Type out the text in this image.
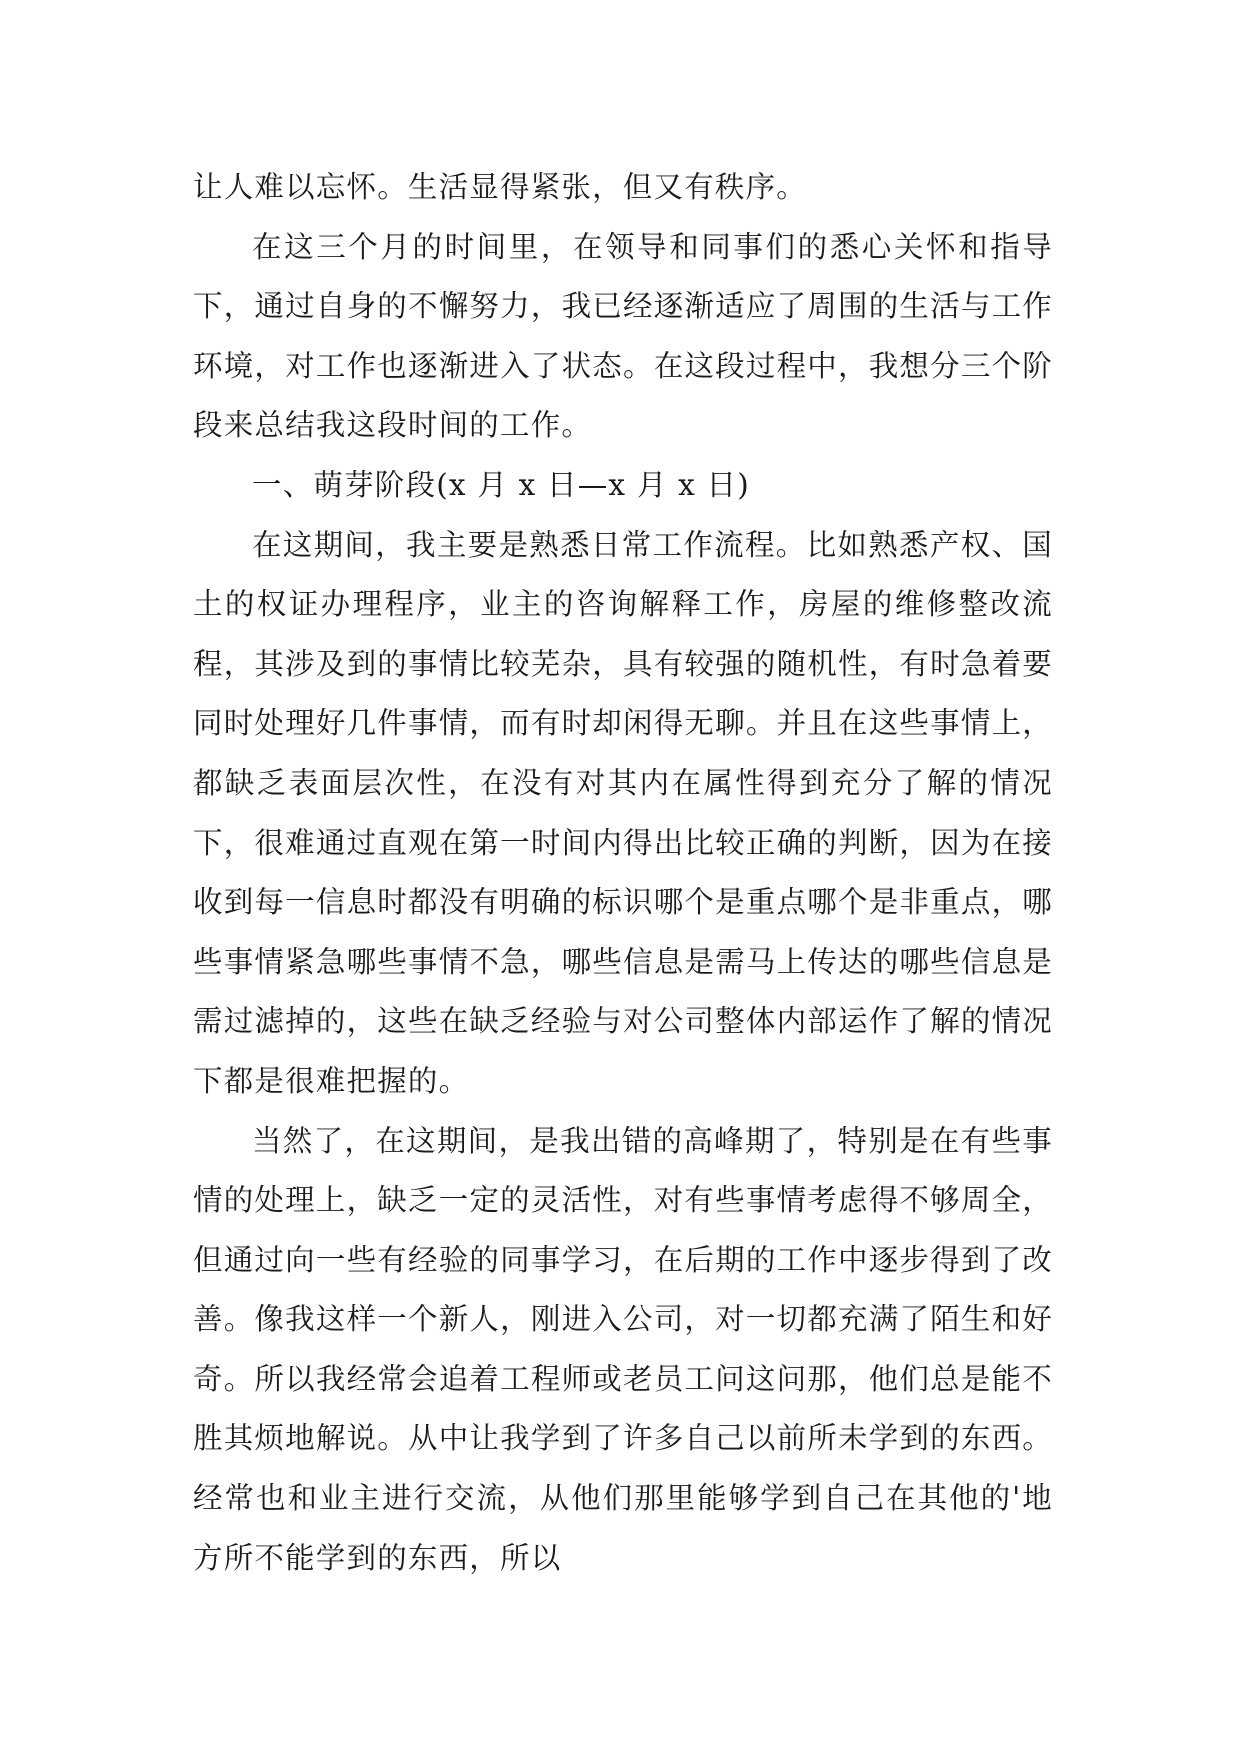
让人难以忘怀。生活显得紧张，但又有秩序。

在这三个月的时间里，在领导和同事们的悉心关怀和指导下，通过自身的不懈努力，我已经逐渐适应了周围的生活与工作环境，对工作也逐渐进入了状态。在这段过程中，我想分三个阶段来总结我这段时间的工作。

一、萌芽阶段(x 月 x 日—x 月 x 日)

在这期间，我主要是熟悉日常工作流程。比如熟悉产权、国土的权证办理程序，业主的咨询解释工作，房屋的维修整改流程，其涉及到的事情比较芜杂，具有较强的随机性，有时急着要同时处理好几件事情，而有时却闲得无聊。并且在这些事情上，都缺乏表面层次性，在没有对其内在属性得到充分了解的情况下，很难通过直观在第一时间内得出比较正确的判断，因为在接收到每一信息时都没有明确的标识哪个是重点哪个是非重点，哪些事情紧急哪些事情不急，哪些信息是需马上传达的哪些信息是需过滤掉的，这些在缺乏经验与对公司整体内部运作了解的情况下都是很难把握的。

当然了，在这期间，是我出错的高峰期了，特别是在有些事情的处理上，缺乏一定的灵活性，对有些事情考虑得不够周全，但通过向一些有经验的同事学习，在后期的工作中逐步得到了改善。像我这样一个新人，刚进入公司，对一切都充满了陌生和好奇。所以我经常会追着工程师或老员工问这问那，他们总是能不胜其烦地解说。从中让我学到了许多自己以前所未学到的东西。经常也和业主进行交流，从他们那里能够学到自己在其他的'地方所不能学到的东西，所以
